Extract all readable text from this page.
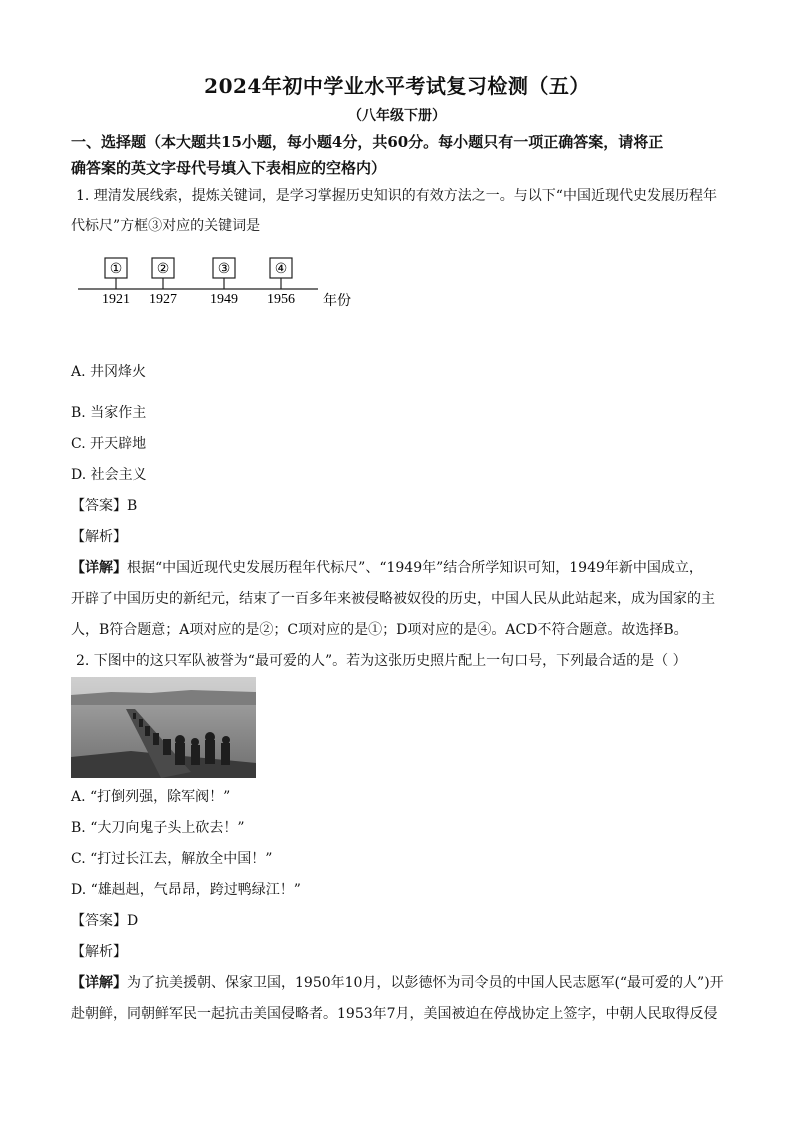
2024年初中学业水平考试复习检测（五）
（八年级下册）
一、选择题（本大题共15小题，每小题4分，共60分。每小题只有一项正确答案，请将正
确答案的英文字母代号填入下表相应的空格内）
1. 理清发展线索，提炼关键词，是学习掌握历史知识的有效方法之一。与以下“中国近现代史发展历程年
代标尺”方框③对应的关键词是
①
1921
②
1927
③
1949
④
1956 年份
A. 井冈烽火
B. 当家作主
C. 开天辟地
D. 社会主义
【答案】B
【解析】
【详解】根据“中国近现代史发展历程年代标尺”、“1949年”结合所学知识可知，1949年新中国成立，
开辟了中国历史的新纪元，结束了一百多年来被侵略被奴役的历史，中国人民从此站起来，成为国家的主
人，B符合题意；A项对应的是②；C项对应的是①；D项对应的是④。ACD不符合题意。故选择B。
2. 下图中的这只军队被誉为“最可爱的人”。若为这张历史照片配上一句口号，下列最合适的是（ ）
A. “打倒列强，除军阀！”
B. “大刀向鬼子头上砍去！”
C. “打过长江去，解放全中国！”
D. “雄赳赳，气昂昂，跨过鸭绿江！”
【答案】D
【解析】
【详解】为了抗美援朝、保家卫国，1950年10月，以彭德怀为司令员的中国人民志愿军(“最可爱的人”)开
赴朝鲜，同朝鲜军民一起抗击美国侵略者。1953年7月，美国被迫在停战协定上签字，中朝人民取得反侵
